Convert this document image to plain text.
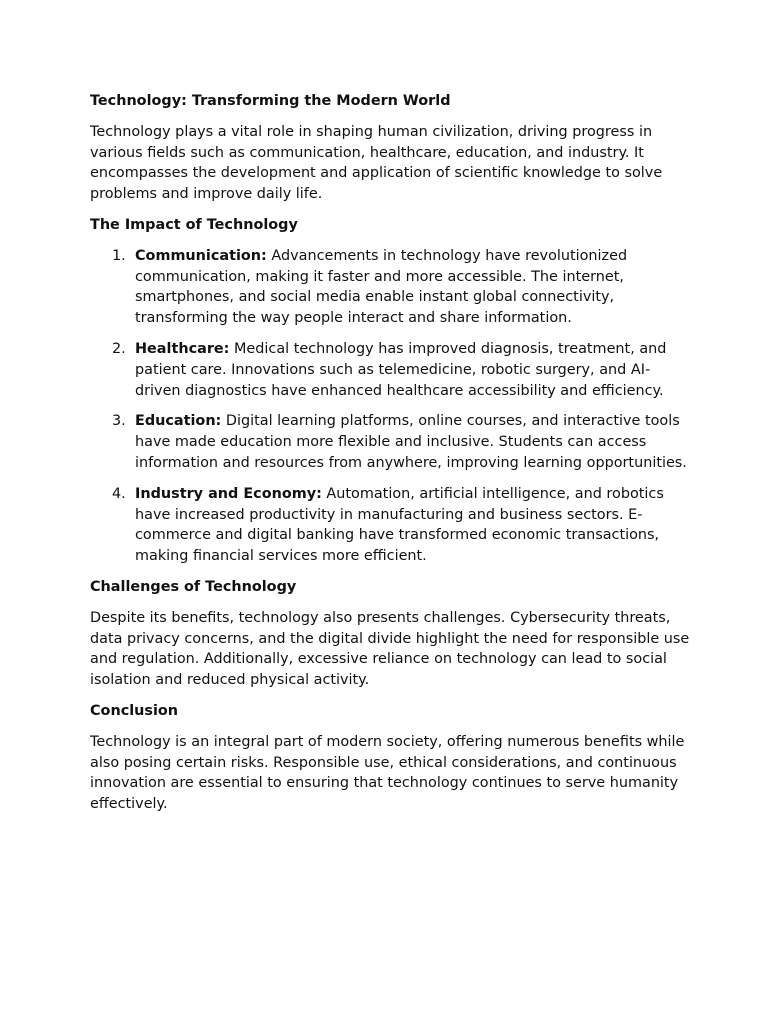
Technology: Transforming the Modern World

Technology plays a vital role in shaping human civilization, driving progress in various fields such as communication, healthcare, education, and industry. It encompasses the development and application of scientific knowledge to solve problems and improve daily life.

The Impact of Technology
1. Communication: Advancements in technology have revolutionized communication, making it faster and more accessible. The internet, smartphones, and social media enable instant global connectivity, transforming the way people interact and share information.
2. Healthcare: Medical technology has improved diagnosis, treatment, and patient care. Innovations such as telemedicine, robotic surgery, and AI-driven diagnostics have enhanced healthcare accessibility and efficiency.
3. Education: Digital learning platforms, online courses, and interactive tools have made education more flexible and inclusive. Students can access information and resources from anywhere, improving learning opportunities.
4. Industry and Economy: Automation, artificial intelligence, and robotics have increased productivity in manufacturing and business sectors. E-commerce and digital banking have transformed economic transactions, making financial services more efficient.
Challenges of Technology

Despite its benefits, technology also presents challenges. Cybersecurity threats, data privacy concerns, and the digital divide highlight the need for responsible use and regulation. Additionally, excessive reliance on technology can lead to social isolation and reduced physical activity.

Conclusion

Technology is an integral part of modern society, offering numerous benefits while also posing certain risks. Responsible use, ethical considerations, and continuous innovation are essential to ensuring that technology continues to serve humanity effectively.
